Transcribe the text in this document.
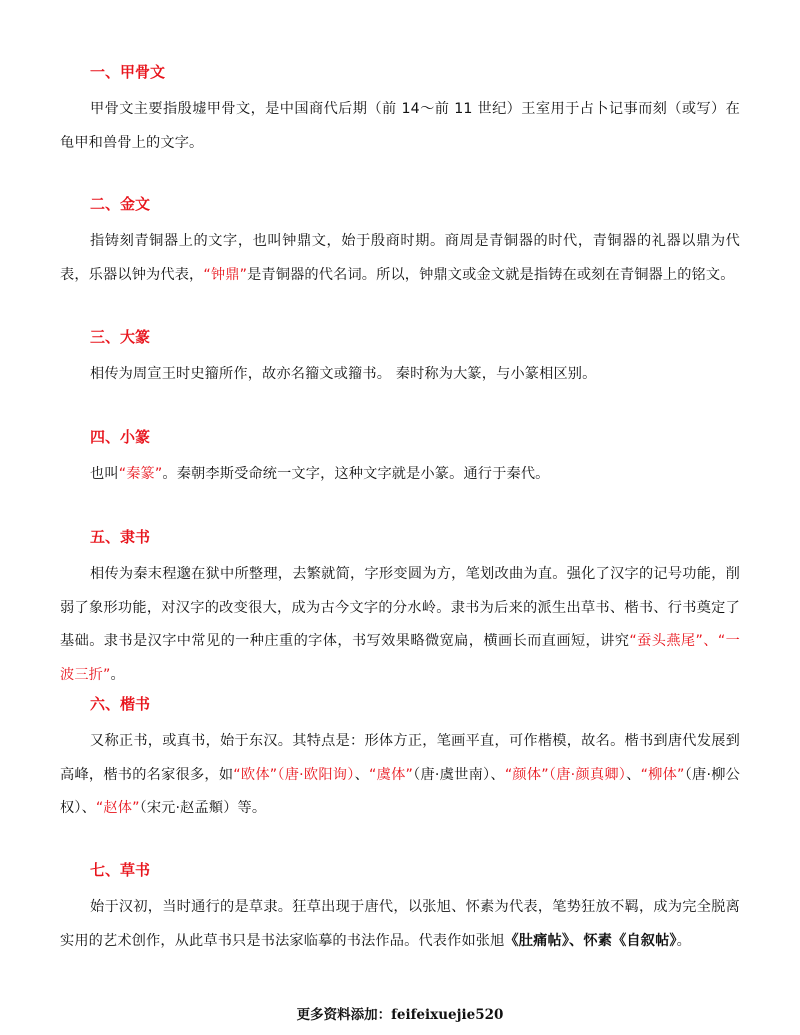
一、甲骨文

甲骨文主要指殷墟甲骨文，是中国商代后期（前 14～前 11 世纪）王室用于占卜记事而刻（或写）在龟甲和兽骨上的文字。

二、金文

指铸刻青铜器上的文字，也叫钟鼎文，始于殷商时期。商周是青铜器的时代，青铜器的礼器以鼎为代表，乐器以钟为代表，“钟鼎”是青铜器的代名词。所以，钟鼎文或金文就是指铸在或刻在青铜器上的铭文。

三、大篆

相传为周宣王时史籀所作，故亦名籀文或籀书。 秦时称为大篆，与小篆相区别。

四、小篆

也叫“秦篆”。秦朝李斯受命统一文字，这种文字就是小篆。通行于秦代。

五、隶书

相传为秦末程邈在狱中所整理，去繁就简，字形变圆为方，笔划改曲为直。强化了汉字的记号功能，削弱了象形功能，对汉字的改变很大，成为古今文字的分水岭。隶书为后来的派生出草书、楷书、行书奠定了基础。隶书是汉字中常见的一种庄重的字体，书写效果略微宽扁，横画长而直画短，讲究“蚕头燕尾”、“一波三折”。

六、楷书

又称正书，或真书，始于东汉。其特点是：形体方正，笔画平直，可作楷模，故名。楷书到唐代发展到高峰，楷书的名家很多，如“欧体”（唐·欧阳询）、“虞体”（唐·虞世南）、“颜体”（唐·颜真卿）、“柳体”（唐·柳公权）、“赵体”（宋元·赵孟頫）等。

七、草书

始于汉初，当时通行的是草隶。狂草出现于唐代，以张旭、怀素为代表，笔势狂放不羁，成为完全脱离实用的艺术创作，从此草书只是书法家临摹的书法作品。代表作如张旭《肚痛帖》、怀素《自叙帖》。

更多资料添加：feifeixuejie520
